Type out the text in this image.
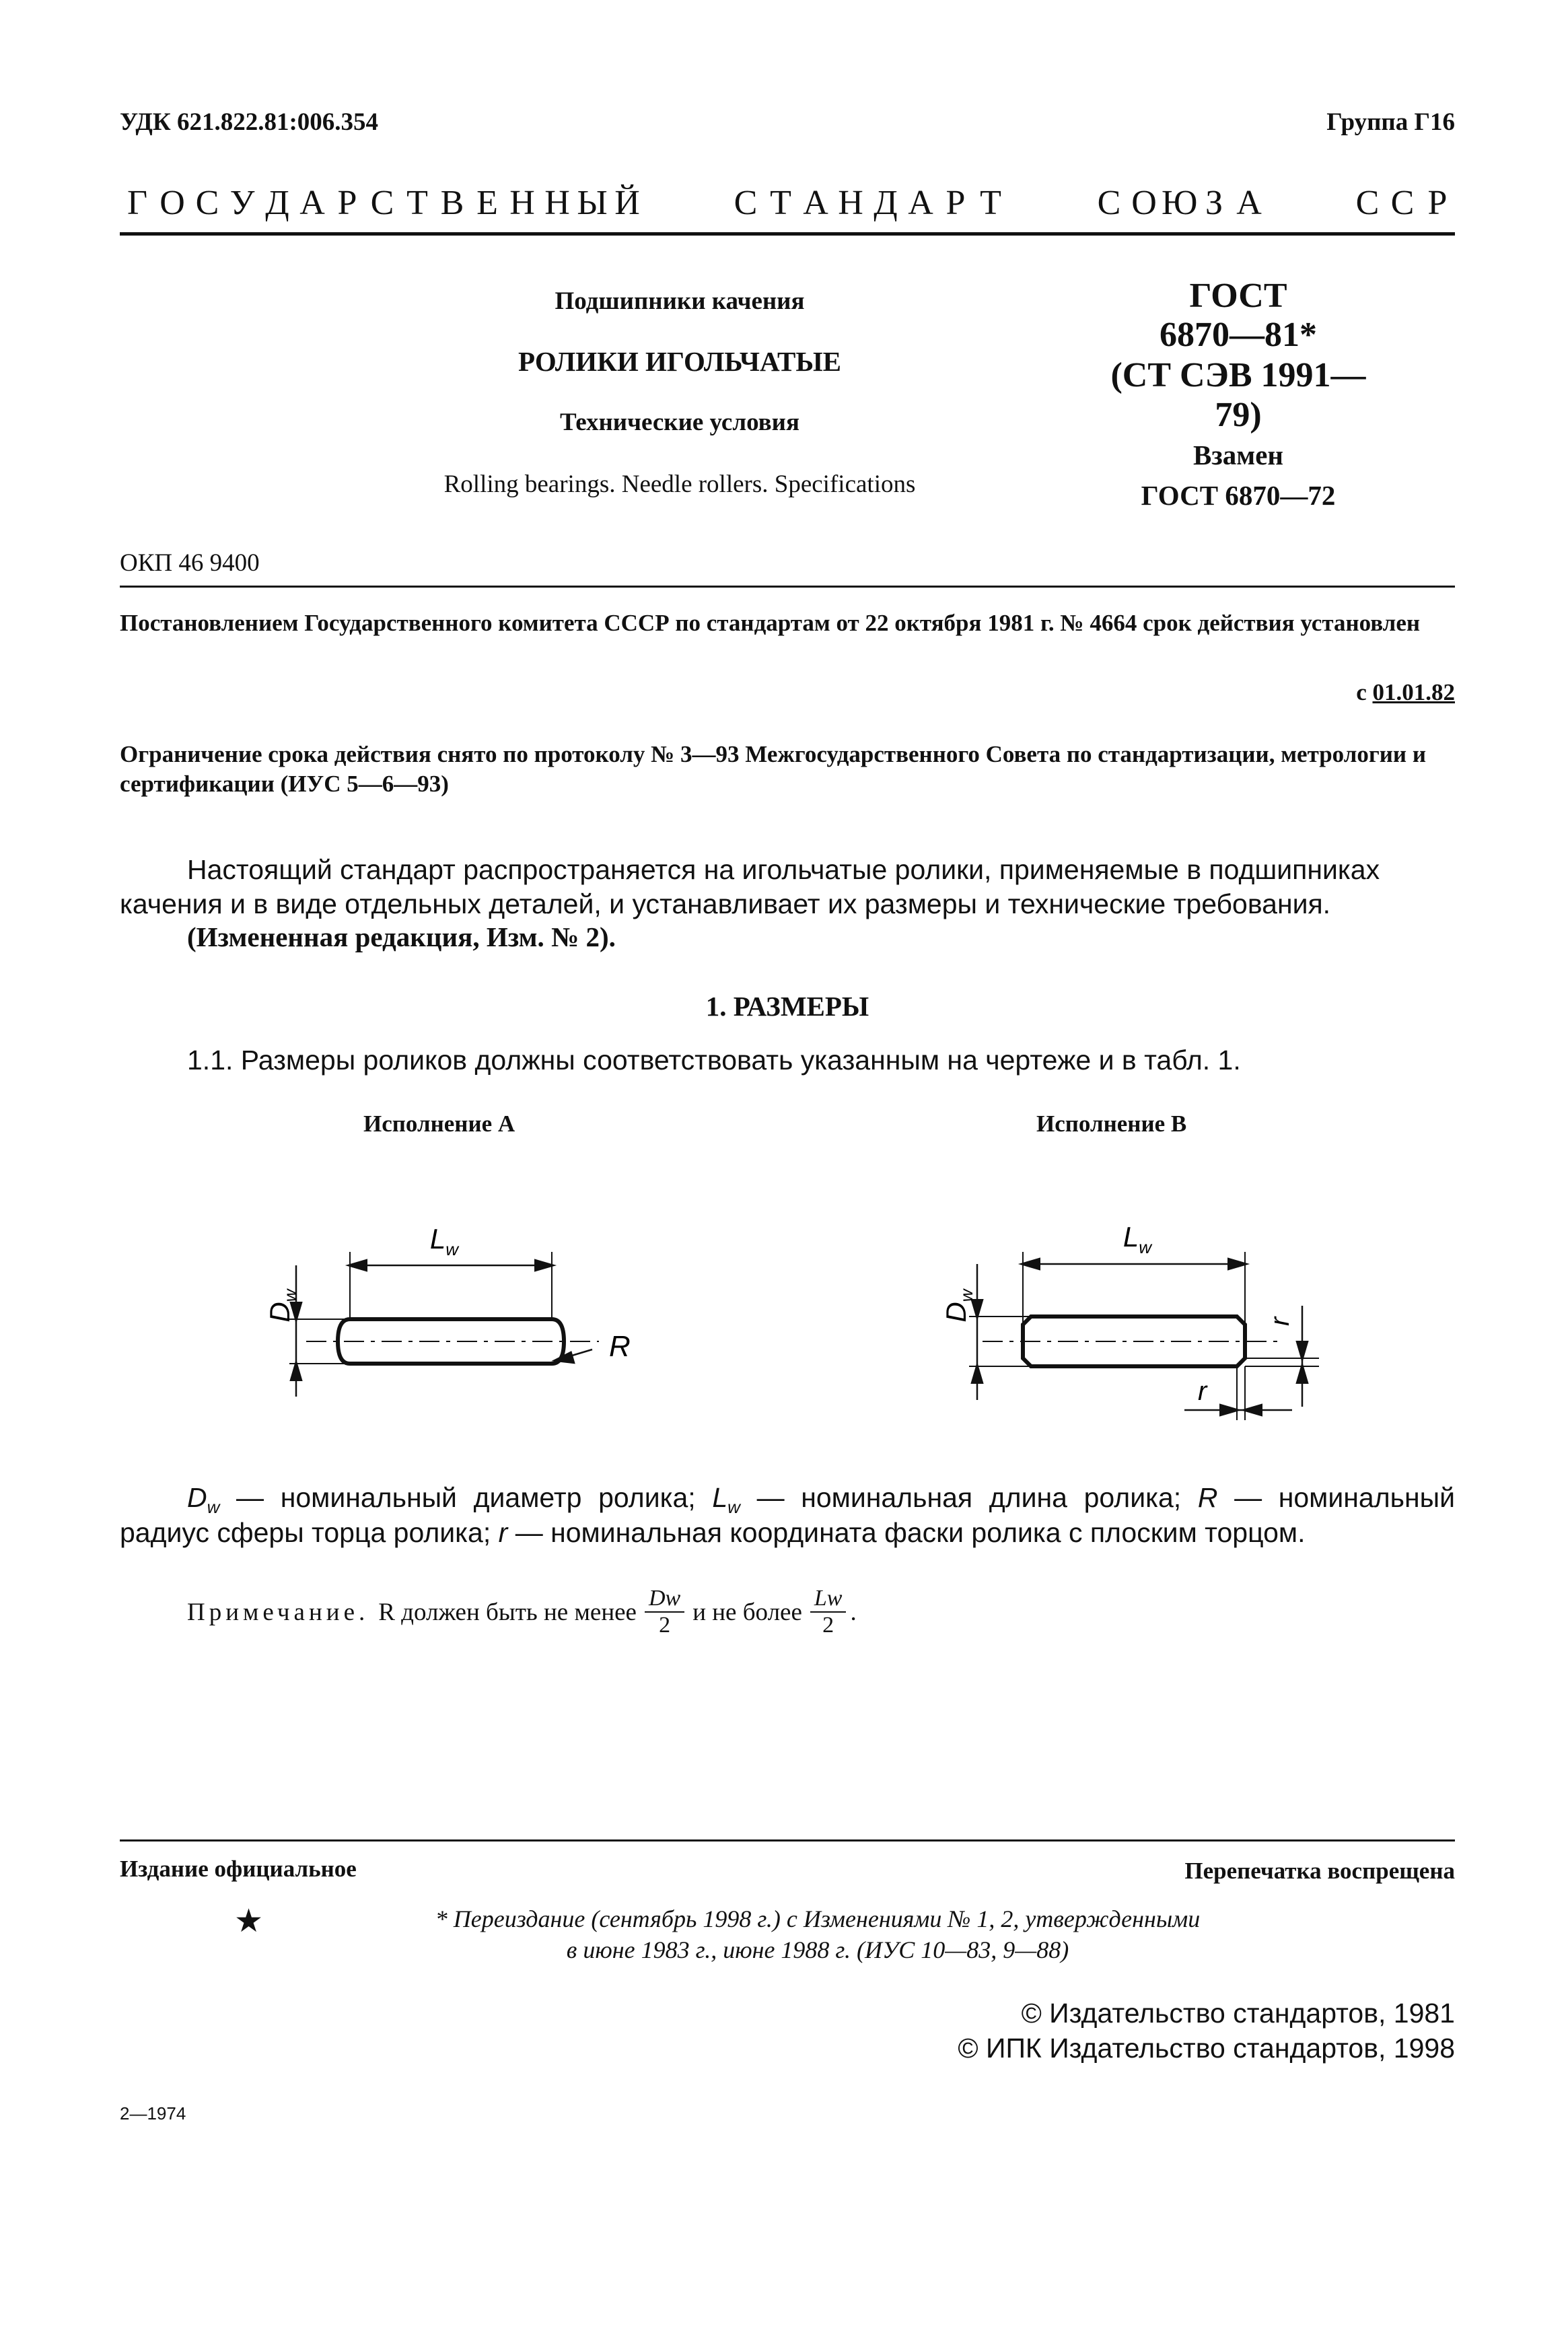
УДК 621.822.81:006.354	Группа Г16
Г О С У Д А Р С Т В Е Н Н Ы Й	С Т А Н Д А Р Т	С О Ю З А	С С Р
Подшипники качения
РОЛИКИ ИГОЛЬЧАТЫЕ
Технические условия
Rolling bearings. Needle rollers. Specifications
ГОСТ
6870—81*
(СТ СЭВ 1991—79)
Взамен
ГОСТ 6870—72
ОКП 46 9400
Постановлением Государственного комитета СССР по стандартам от 22 октября 1981 г. № 4664 срок действия установлен
с 01.01.82
Ограничение срока действия снято по протоколу № 3—93 Межгосударственного Совета по стандартизации, метрологии и сертификации (ИУС 5—6—93)
Настоящий стандарт распространяется на игольчатые ролики, применяемые в подшипниках качения и в виде отдельных деталей, и устанавливает их размеры и технические требования.
(Измененная редакция, Изм. № 2).
1. РАЗМЕРЫ
1.1. Размеры роликов должны соответствовать указанным на чертеже и в табл. 1.
Исполнение А	Исполнение В
$L_w$
$D_w$
R
$L_w$
$D_w$
r
r
$D_w$ — номинальный диаметр ролика; $L_w$ — номинальная длина ролика; R — номинальный
радиус сферы торца ролика; r — номинальная координата фаски ролика с плоским торцом.
Примечание. R должен быть не менее Dw
2 и не более Lw
2 .
Издание официальное	Перепечатка воспрещена
★	* Переиздание (сентябрь 1998 г.) с Изменениями № 1, 2, утвержденными
в июне 1983 г., июне 1988 г. (ИУС 10—83, 9—88)
© Издательство стандартов, 1981
© ИПК Издательство стандартов, 1998
2—1974
